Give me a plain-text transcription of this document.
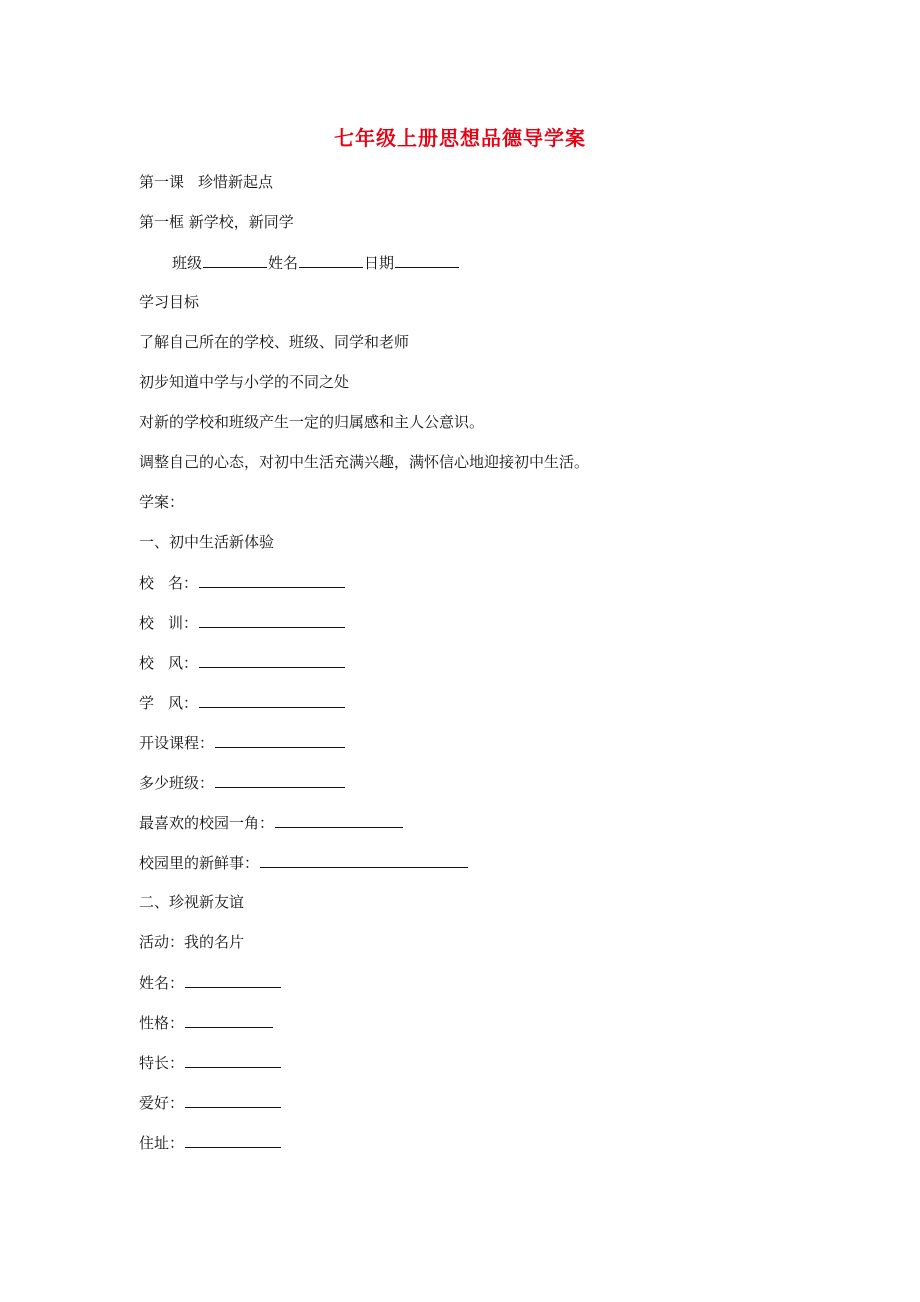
七年级上册思想品德导学案
第一课 珍惜新起点
第一框 新学校，新同学
班级	姓名	日期
学习目标
了解自己所在的学校、班级、同学和老师
初步知道中学与小学的不同之处
对新的学校和班级产生一定的归属感和主人公意识。
调整自己的心态，对初中生活充满兴趣，满怀信心地迎接初中生活。
学案：
一、初中生活新体验
校 名：
校 训：
校 风：
学 风：
开设课程：
多少班级：
最喜欢的校园一角：
校园里的新鲜事：
二、珍视新友谊
活动：我的名片
姓名：
性格：
特长：
爱好：
住址：
